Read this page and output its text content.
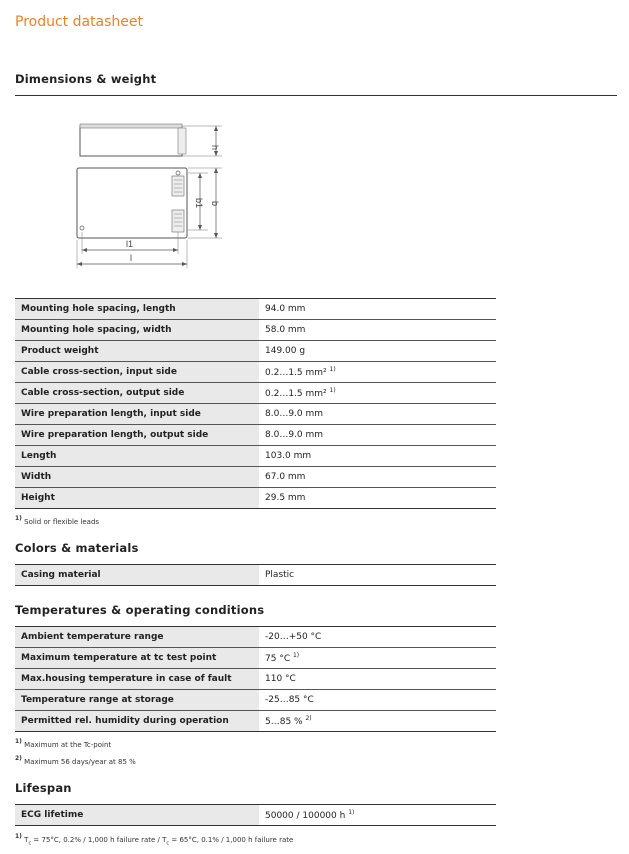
Product datasheet
Dimensions & weight
h
b1 b
l1
l
Mounting hole spacing, length	94.0 mm
Mounting hole spacing, width	58.0 mm
Product weight	149.00 g
Cable cross-section, input side	0.2…1.5 mm² $^{1)}$
Cable cross-section, output side	0.2…1.5 mm² $^{1)}$
Wire preparation length, input side	8.0…9.0 mm
Wire preparation length, output side	8.0…9.0 mm
Length	103.0 mm
Width	67.0 mm
Height	29.5 mm
$^{1)}$ Solid or flexible leads
Colors & materials
Casing material	Plastic
Temperatures & operating conditions
Ambient temperature range	-20…+50 °C
Maximum temperature at tc test point	75 °C $^{1)}$
Max.housing temperature in case of fault	110 °C
Temperature range at storage	-25…85 °C
Permitted rel. humidity during operation	5…85 % $^{2)}$
$^{1)}$ Maximum at the Tc-point
$^{2)}$ Maximum 56 days/year at 85 %
Lifespan
ECG lifetime	50000 / 100000 h $^{1)}$
$^{1)}$ $T_c = 75^\circ C$, 0.2% / 1,000 h failure rate / $T_c = 65^\circ C$, 0.1% / 1,000 h failure rate
